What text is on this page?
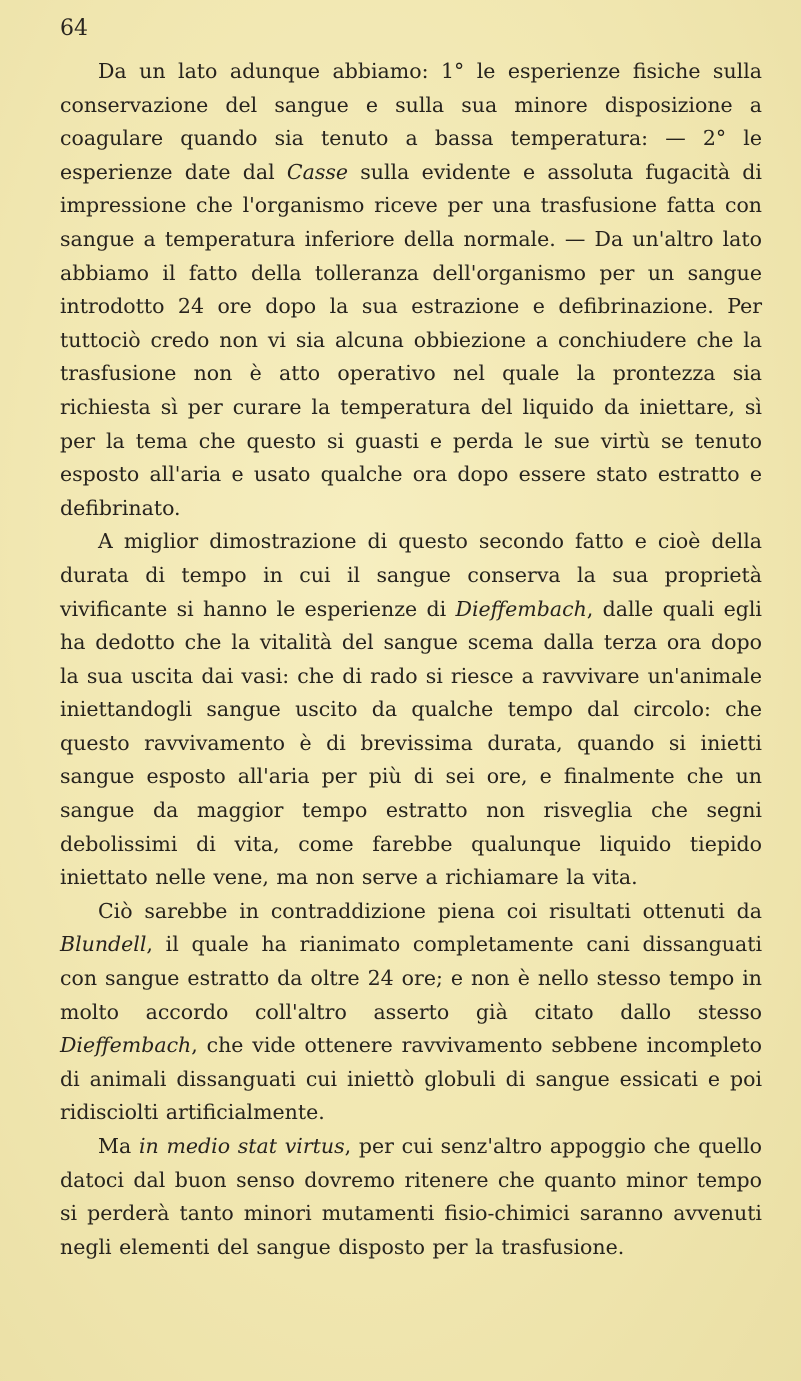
64

Da un lato adunque abbiamo: 1° le esperienze fisiche sulla conservazione del sangue e sulla sua minore disposizione a coagulare quando sia tenuto a bassa temperatura: — 2° le esperienze date dal Casse sulla evidente e assoluta fugacità di impressione che l'organismo riceve per una trasfusione fatta con sangue a temperatura inferiore della normale. — Da un'altro lato abbiamo il fatto della tolleranza dell'organismo per un sangue introdotto 24 ore dopo la sua estrazione e defibrinazione. Per tuttociò credo non vi sia alcuna obbiezione a conchiudere che la trasfusione non è atto operativo nel quale la prontezza sia richiesta sì per curare la temperatura del liquido da iniettare, sì per la tema che questo si guasti e perda le sue virtù se tenuto esposto all'aria e usato qualche ora dopo essere stato estratto e defibrinato.

A miglior dimostrazione di questo secondo fatto e cioè della durata di tempo in cui il sangue conserva la sua proprietà vivificante si hanno le esperienze di Dieffembach, dalle quali egli ha dedotto che la vitalità del sangue scema dalla terza ora dopo la sua uscita dai vasi: che di rado si riesce a ravvivare un'animale iniettandogli sangue uscito da qualche tempo dal circolo: che questo ravvivamento è di brevissima durata, quando si inietti sangue esposto all'aria per più di sei ore, e finalmente che un sangue da maggior tempo estratto non risveglia che segni debolissimi di vita, come farebbe qualunque liquido tiepido iniettato nelle vene, ma non serve a richiamare la vita.

Ciò sarebbe in contraddizione piena coi risultati ottenuti da Blundell, il quale ha rianimato completamente cani dissanguati con sangue estratto da oltre 24 ore; e non è nello stesso tempo in molto accordo coll'altro asserto già citato dallo stesso Dieffembach, che vide ottenere ravvivamento sebbene incompleto di animali dissanguati cui iniettò globuli di sangue essicati e poi ridisciolti artificialmente.

Ma in medio stat virtus, per cui senz'altro appoggio che quello datoci dal buon senso dovremo ritenere che quanto minor tempo si perderà tanto minori mutamenti fisio-chimici saranno avvenuti negli elementi del sangue disposto per la trasfusione.
